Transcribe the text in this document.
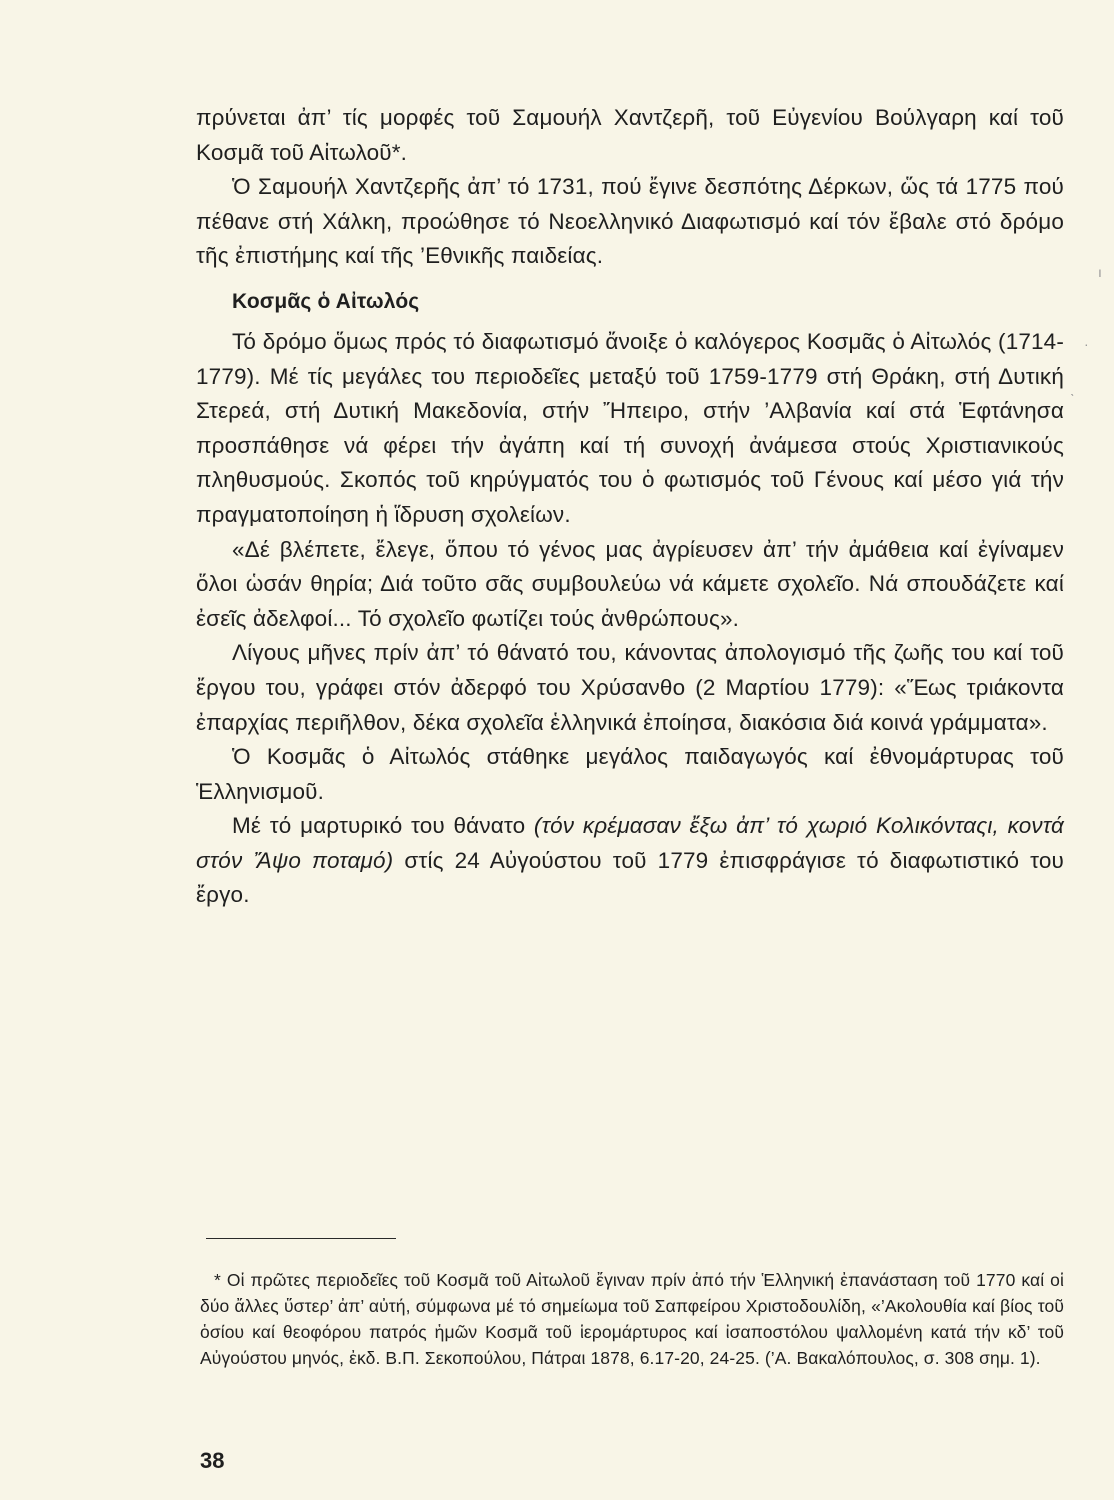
πρύνεται ἀπ’ τίς μορφές τοῦ Σαμουήλ Χαντζερῆ, τοῦ Εὐγενίου Βούλγαρη καί τοῦ Κοσμᾶ τοῦ Αἰτωλοῦ*.

Ὁ Σαμουήλ Χαντζερῆς ἀπ’ τό 1731, πού ἔγινε δεσπότης Δέρκων, ὥς τά 1775 πού πέθανε στή Χάλκη, προώθησε τό Νεοελληνικό Διαφωτισμό καί τόν ἔβαλε στό δρόμο τῆς ἐπιστήμης καί τῆς ’Εθνικῆς παιδείας.

Κοσμᾶς ὁ Αἰτωλός

Τό δρόμο ὅμως πρός τό διαφωτισμό ἄνοιξε ὁ καλόγερος Κοσμᾶς ὁ Αἰτωλός (1714-1779). Μέ τίς μεγάλες του περιοδεῖες μεταξύ τοῦ 1759-1779 στή Θράκη, στή Δυτική Στερεά, στή Δυτική Μακεδονία, στήν Ἤπειρο, στήν ’Αλβανία καί στά Ἑφτάνησα προσπάθησε νά φέρει τήν ἀγάπη καί τή συνοχή ἀνάμεσα στούς Χριστιανικούς πληθυσμούς. Σκοπός τοῦ κηρύγματός του ὁ φωτισμός τοῦ Γένους καί μέσο γιά τήν πραγματοποίηση ἡ ἵδρυση σχολείων.

«Δέ βλέπετε, ἔλεγε, ὅπου τό γένος μας ἀγρίευσεν ἀπ’ τήν ἀμάθεια καί ἐγίναμεν ὅλοι ὡσάν θηρία; Διά τοῦτο σᾶς συμβουλεύω νά κάμετε σχολεῖο. Νά σπουδάζετε καί ἐσεῖς ἀδελφοί... Τό σχολεῖο φωτίζει τούς ἀνθρώπους».

Λίγους μῆνες πρίν ἀπ’ τό θάνατό του, κάνοντας ἀπολογισμό τῆς ζωῆς του καί τοῦ ἔργου του, γράφει στόν ἀδερφό του Χρύσανθο (2 Μαρτίου 1779): «Ἕως τριάκοντα ἐπαρχίας περιῆλθον, δέκα σχολεῖα ἑλληνικά ἐποίησα, διακόσια διά κοινά γράμματα».

Ὁ Κοσμᾶς ὁ Αἰτωλός στάθηκε μεγάλος παιδαγωγός καί ἐθνομάρτυρας τοῦ Ἑλληνισμοῦ.

Μέ τό μαρτυρικό του θάνατο (τόν κρέμασαν ἔξω ἀπ’ τό χωριό Κολικόνταςι, κοντά στόν Ἄψο ποταμό) στίς 24 Αὐγούστου τοῦ 1779 ἐπισφράγισε τό διαφωτιστικό του ἔργο.

ı
·
ˋ

* Οἱ πρῶτες περιοδεῖες τοῦ Κοσμᾶ τοῦ Αἰτωλοῦ ἔγιναν πρίν ἀπό τήν Ἑλληνική ἐπανάσταση τοῦ 1770 καί οἱ δύο ἄλλες ὕστερ’ ἀπ’ αὐτή, σύμφωνα μέ τό σημείωμα τοῦ Σαπφείρου Χριστοδουλίδη, «’Ακολουθία καί βίος τοῦ ὁσίου καί θεοφόρου πατρός ἡμῶν Κοσμᾶ τοῦ ἱερομάρτυρος καί ἰσαποστόλου ψαλλομένη κατά τήν κδ’ τοῦ Αὐγούστου μηνός, ἐκδ. Β.Π. Σεκοπούλου, Πάτραι 1878, 6.17-20, 24-25. (’Α. Βακαλόπουλος, σ. 308 σημ. 1).

38
